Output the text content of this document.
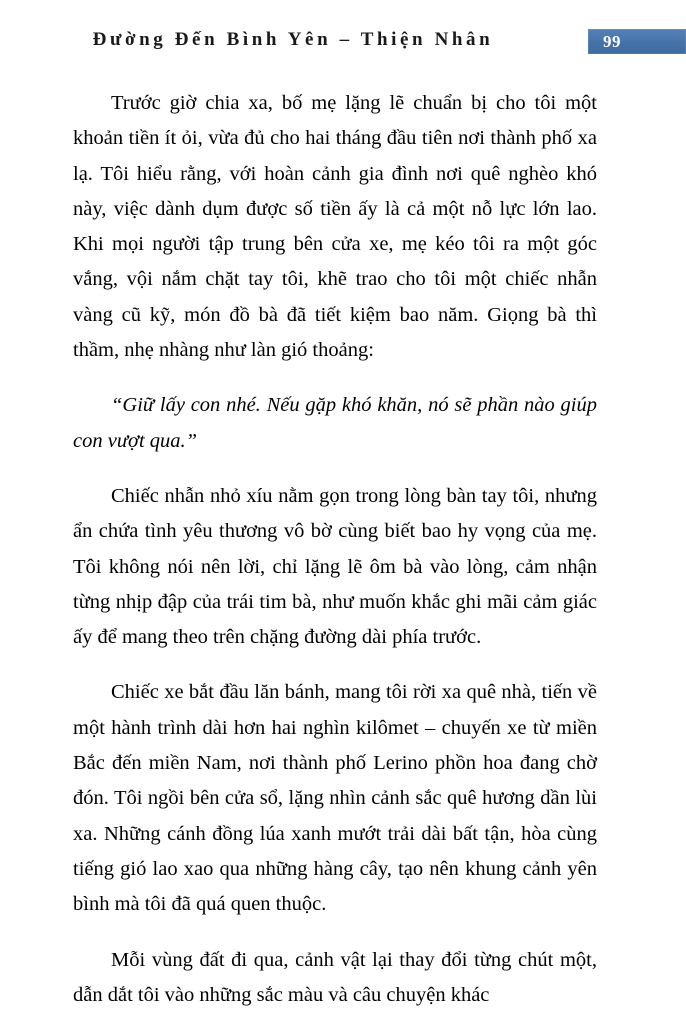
Đường Đến Bình Yên – Thiện Nhân	99

Trước giờ chia xa, bố mẹ lặng lẽ chuẩn bị cho tôi một khoản tiền ít ỏi, vừa đủ cho hai tháng đầu tiên nơi thành phố xa lạ. Tôi hiểu rằng, với hoàn cảnh gia đình nơi quê nghèo khó này, việc dành dụm được số tiền ấy là cả một nỗ lực lớn lao. Khi mọi người tập trung bên cửa xe, mẹ kéo tôi ra một góc vắng, vội nắm chặt tay tôi, khẽ trao cho tôi một chiếc nhẫn vàng cũ kỹ, món đồ bà đã tiết kiệm bao năm. Giọng bà thì thầm, nhẹ nhàng như làn gió thoảng:

“Giữ lấy con nhé. Nếu gặp khó khăn, nó sẽ phần nào giúp con vượt qua.”

Chiếc nhẫn nhỏ xíu nằm gọn trong lòng bàn tay tôi, nhưng ẩn chứa tình yêu thương vô bờ cùng biết bao hy vọng của mẹ. Tôi không nói nên lời, chỉ lặng lẽ ôm bà vào lòng, cảm nhận từng nhịp đập của trái tim bà, như muốn khắc ghi mãi cảm giác ấy để mang theo trên chặng đường dài phía trước.

Chiếc xe bắt đầu lăn bánh, mang tôi rời xa quê nhà, tiến về một hành trình dài hơn hai nghìn kilômet – chuyến xe từ miền Bắc đến miền Nam, nơi thành phố Lerino phồn hoa đang chờ đón. Tôi ngồi bên cửa sổ, lặng nhìn cảnh sắc quê hương dần lùi xa. Những cánh đồng lúa xanh mướt trải dài bất tận, hòa cùng tiếng gió lao xao qua những hàng cây, tạo nên khung cảnh yên bình mà tôi đã quá quen thuộc.

Mỗi vùng đất đi qua, cảnh vật lại thay đổi từng chút một, dẫn dắt tôi vào những sắc màu và câu chuyện khác
